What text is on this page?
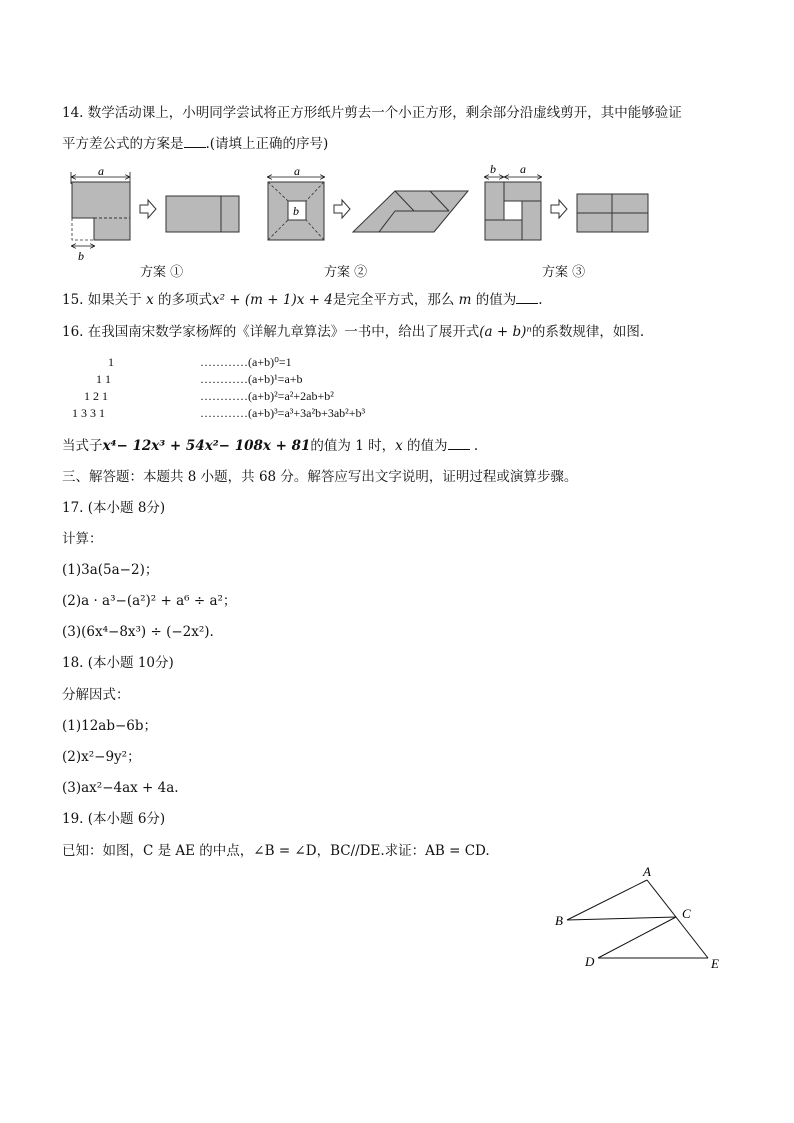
14. 数学活动课上，小明同学尝试将正方形纸片剪去一个小正方形，剩余部分沿虚线剪开，其中能够验证
平方差公式的方案是 .(请填上正确的序号)
a
b
a
b
b a
方案 ①	方案 ②	方案 ③
15. 如果关于 x 的多项式x² + (m + 1)x + 4是完全平方式，那么 m 的值为 .
16. 在我国南宋数学家杨辉的《详解九章算法》一书中，给出了展开式(a + b)ⁿ的系数规律，如图.
1
1 1
1 2 1
1 3 3 1
…………(a+b)⁰=1
…………(a+b)¹=a+b
…………(a+b)²=a²+2ab+b²
…………(a+b)³=a³+3a²b+3ab²+b³
当式子x⁴− 12x³ + 54x²− 108x + 81的值为 1 时，x 的值为 .
三、解答题：本题共 8 小题，共 68 分。解答应写出文字说明，证明过程或演算步骤。
17. (本小题 8分)
计算：
(1)3a(5a−2)；
(2)a · a³−(a²)² + a⁶ ÷ a²；
(3)(6x⁴−8x³) ÷ (−2x²).
18. (本小题 10分)
分解因式：
(1)12ab−6b；
(2)x²−9y²；
(3)ax²−4ax + 4a.
19. (本小题 6分)
已知：如图，C 是 AE 的中点，∠B = ∠D，BC//DE.求证：AB = CD.
A
B	C
D	E
